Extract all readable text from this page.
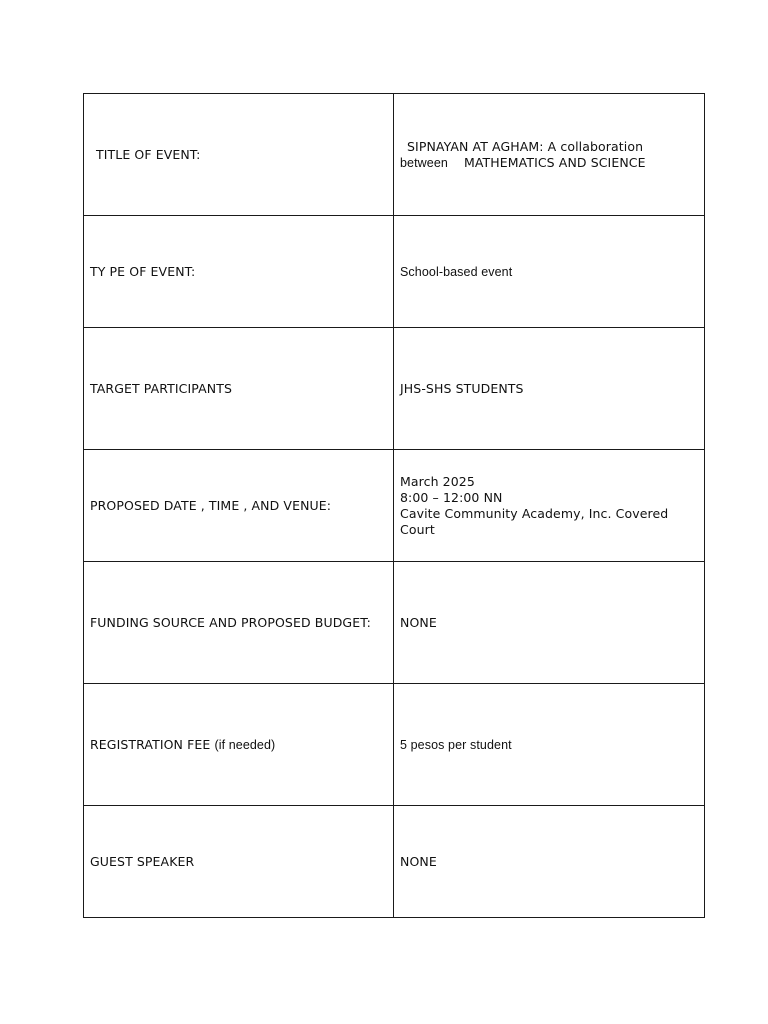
TITLE OF EVENT:	SIPNAYAN AT AGHAM: A collaboration
between MATHEMATICS AND SCIENCE

TY PE OF EVENT:	School-based event
TARGET PARTICIPANTS	JHS-SHS STUDENTS
PROPOSED DATE , TIME , AND VENUE:	March 2025
8:00 – 12:00 NN
Cavite Community Academy, Inc. Covered Court

FUNDING SOURCE AND PROPOSED BUDGET:	NONE
REGISTRATION FEE (if needed)	5 pesos per student
GUEST SPEAKER	NONE
